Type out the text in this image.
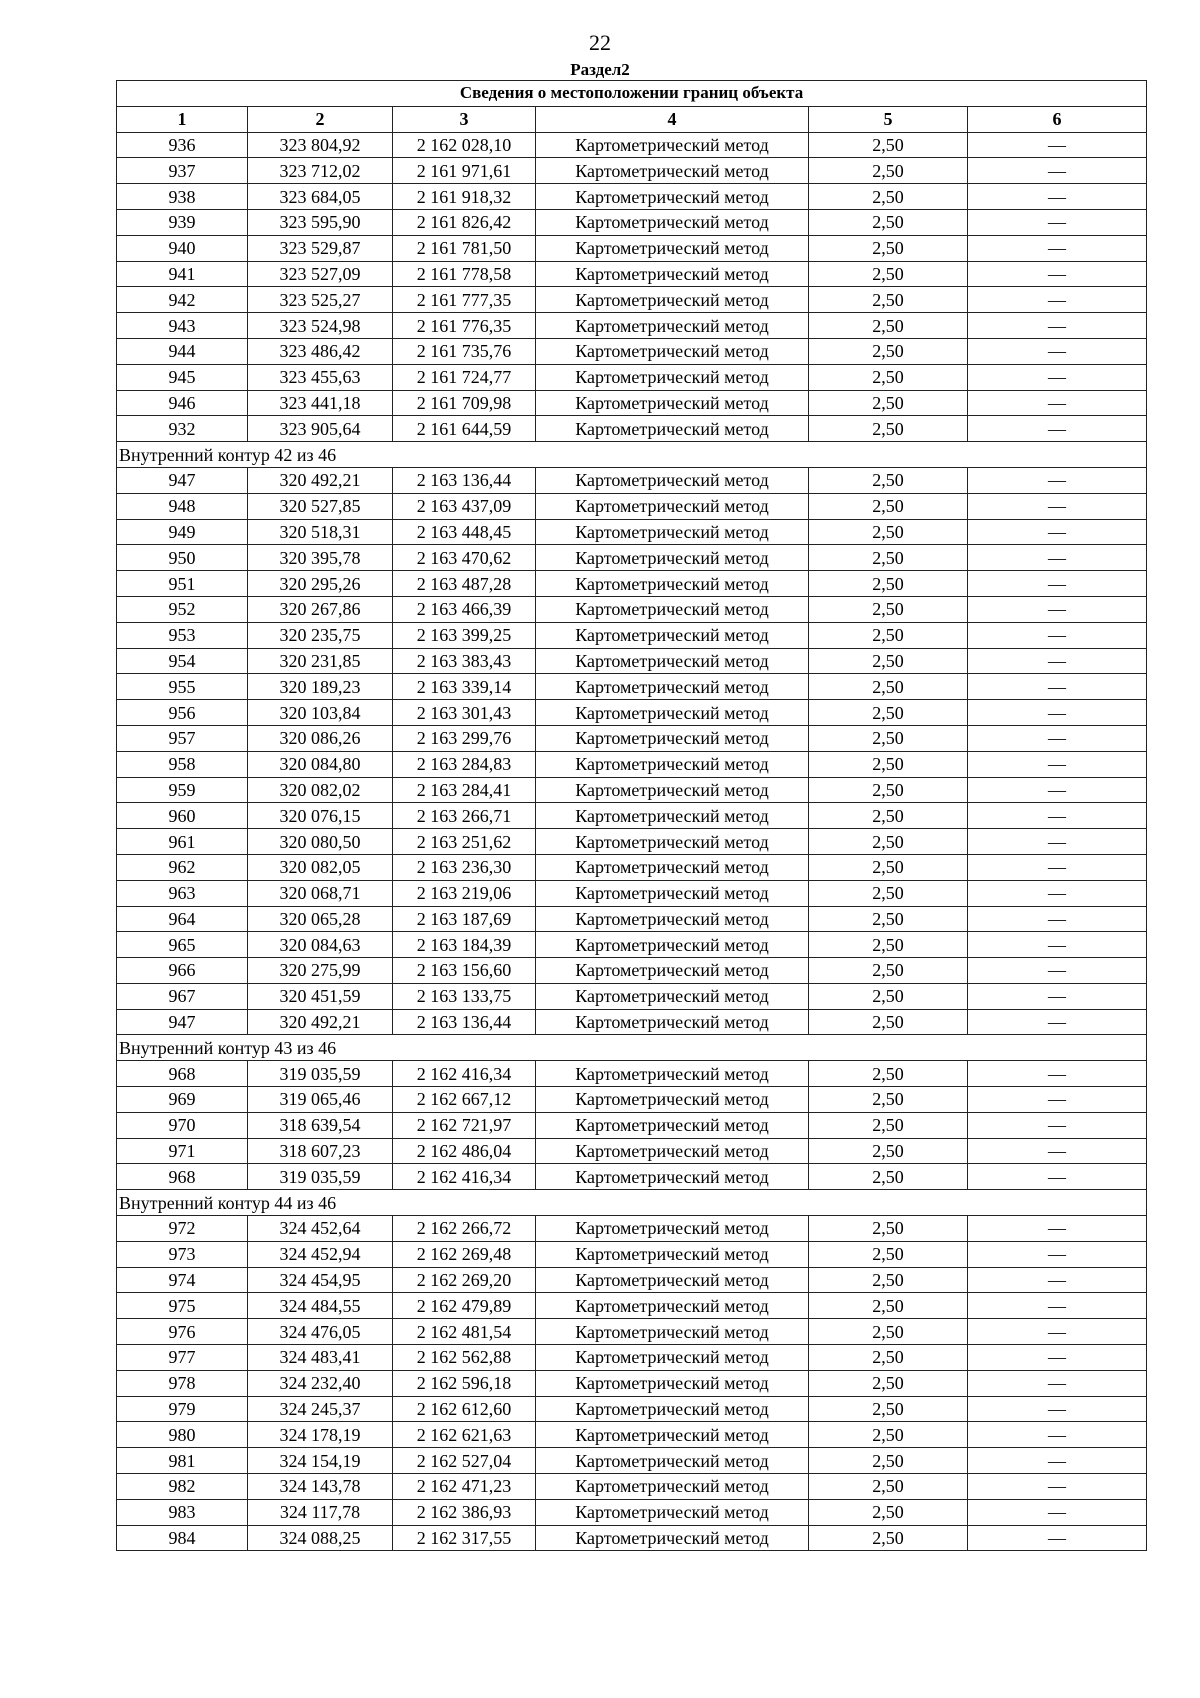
22
Раздел2
Сведения о местоположении границ объекта					
1	2	3	4	5	6
936	323 804,92	2 162 028,10	Картометрический метод	2,50	—
937	323 712,02	2 161 971,61	Картометрический метод	2,50	—
938	323 684,05	2 161 918,32	Картометрический метод	2,50	—
939	323 595,90	2 161 826,42	Картометрический метод	2,50	—
940	323 529,87	2 161 781,50	Картометрический метод	2,50	—
941	323 527,09	2 161 778,58	Картометрический метод	2,50	—
942	323 525,27	2 161 777,35	Картометрический метод	2,50	—
943	323 524,98	2 161 776,35	Картометрический метод	2,50	—
944	323 486,42	2 161 735,76	Картометрический метод	2,50	—
945	323 455,63	2 161 724,77	Картометрический метод	2,50	—
946	323 441,18	2 161 709,98	Картометрический метод	2,50	—
932	323 905,64	2 161 644,59	Картометрический метод	2,50	—
Внутренний контур 42 из 46					
947	320 492,21	2 163 136,44	Картометрический метод	2,50	—
948	320 527,85	2 163 437,09	Картометрический метод	2,50	—
949	320 518,31	2 163 448,45	Картометрический метод	2,50	—
950	320 395,78	2 163 470,62	Картометрический метод	2,50	—
951	320 295,26	2 163 487,28	Картометрический метод	2,50	—
952	320 267,86	2 163 466,39	Картометрический метод	2,50	—
953	320 235,75	2 163 399,25	Картометрический метод	2,50	—
954	320 231,85	2 163 383,43	Картометрический метод	2,50	—
955	320 189,23	2 163 339,14	Картометрический метод	2,50	—
956	320 103,84	2 163 301,43	Картометрический метод	2,50	—
957	320 086,26	2 163 299,76	Картометрический метод	2,50	—
958	320 084,80	2 163 284,83	Картометрический метод	2,50	—
959	320 082,02	2 163 284,41	Картометрический метод	2,50	—
960	320 076,15	2 163 266,71	Картометрический метод	2,50	—
961	320 080,50	2 163 251,62	Картометрический метод	2,50	—
962	320 082,05	2 163 236,30	Картометрический метод	2,50	—
963	320 068,71	2 163 219,06	Картометрический метод	2,50	—
964	320 065,28	2 163 187,69	Картометрический метод	2,50	—
965	320 084,63	2 163 184,39	Картометрический метод	2,50	—
966	320 275,99	2 163 156,60	Картометрический метод	2,50	—
967	320 451,59	2 163 133,75	Картометрический метод	2,50	—
947	320 492,21	2 163 136,44	Картометрический метод	2,50	—
Внутренний контур 43 из 46					
968	319 035,59	2 162 416,34	Картометрический метод	2,50	—
969	319 065,46	2 162 667,12	Картометрический метод	2,50	—
970	318 639,54	2 162 721,97	Картометрический метод	2,50	—
971	318 607,23	2 162 486,04	Картометрический метод	2,50	—
968	319 035,59	2 162 416,34	Картометрический метод	2,50	—
Внутренний контур 44 из 46					
972	324 452,64	2 162 266,72	Картометрический метод	2,50	—
973	324 452,94	2 162 269,48	Картометрический метод	2,50	—
974	324 454,95	2 162 269,20	Картометрический метод	2,50	—
975	324 484,55	2 162 479,89	Картометрический метод	2,50	—
976	324 476,05	2 162 481,54	Картометрический метод	2,50	—
977	324 483,41	2 162 562,88	Картометрический метод	2,50	—
978	324 232,40	2 162 596,18	Картометрический метод	2,50	—
979	324 245,37	2 162 612,60	Картометрический метод	2,50	—
980	324 178,19	2 162 621,63	Картометрический метод	2,50	—
981	324 154,19	2 162 527,04	Картометрический метод	2,50	—
982	324 143,78	2 162 471,23	Картометрический метод	2,50	—
983	324 117,78	2 162 386,93	Картометрический метод	2,50	—
984	324 088,25	2 162 317,55	Картометрический метод	2,50	—
